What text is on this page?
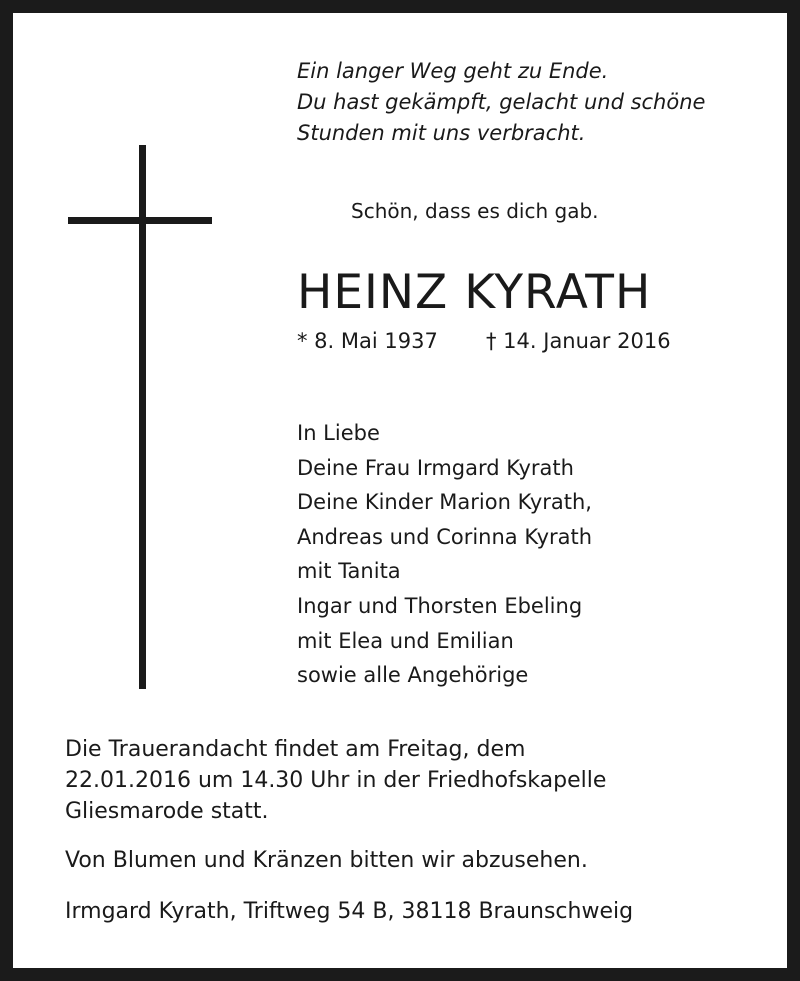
Ein langer Weg geht zu Ende.
Du hast gekämpft, gelacht und schöne
Stunden mit uns verbracht.
Schön, dass es dich gab.
HEINZ KYRATH
* 8. Mai 1937 † 14. Januar 2016
In Liebe
Deine Frau Irmgard Kyrath
Deine Kinder Marion Kyrath,
Andreas und Corinna Kyrath
mit Tanita
Ingar und Thorsten Ebeling
mit Elea und Emilian
sowie alle Angehörige
Die Trauerandacht findet am Freitag, dem
22.01.2016 um 14.30 Uhr in der Friedhofskapelle
Gliesmarode statt.
Von Blumen und Kränzen bitten wir abzusehen.
Irmgard Kyrath, Triftweg 54 B, 38118 Braunschweig
